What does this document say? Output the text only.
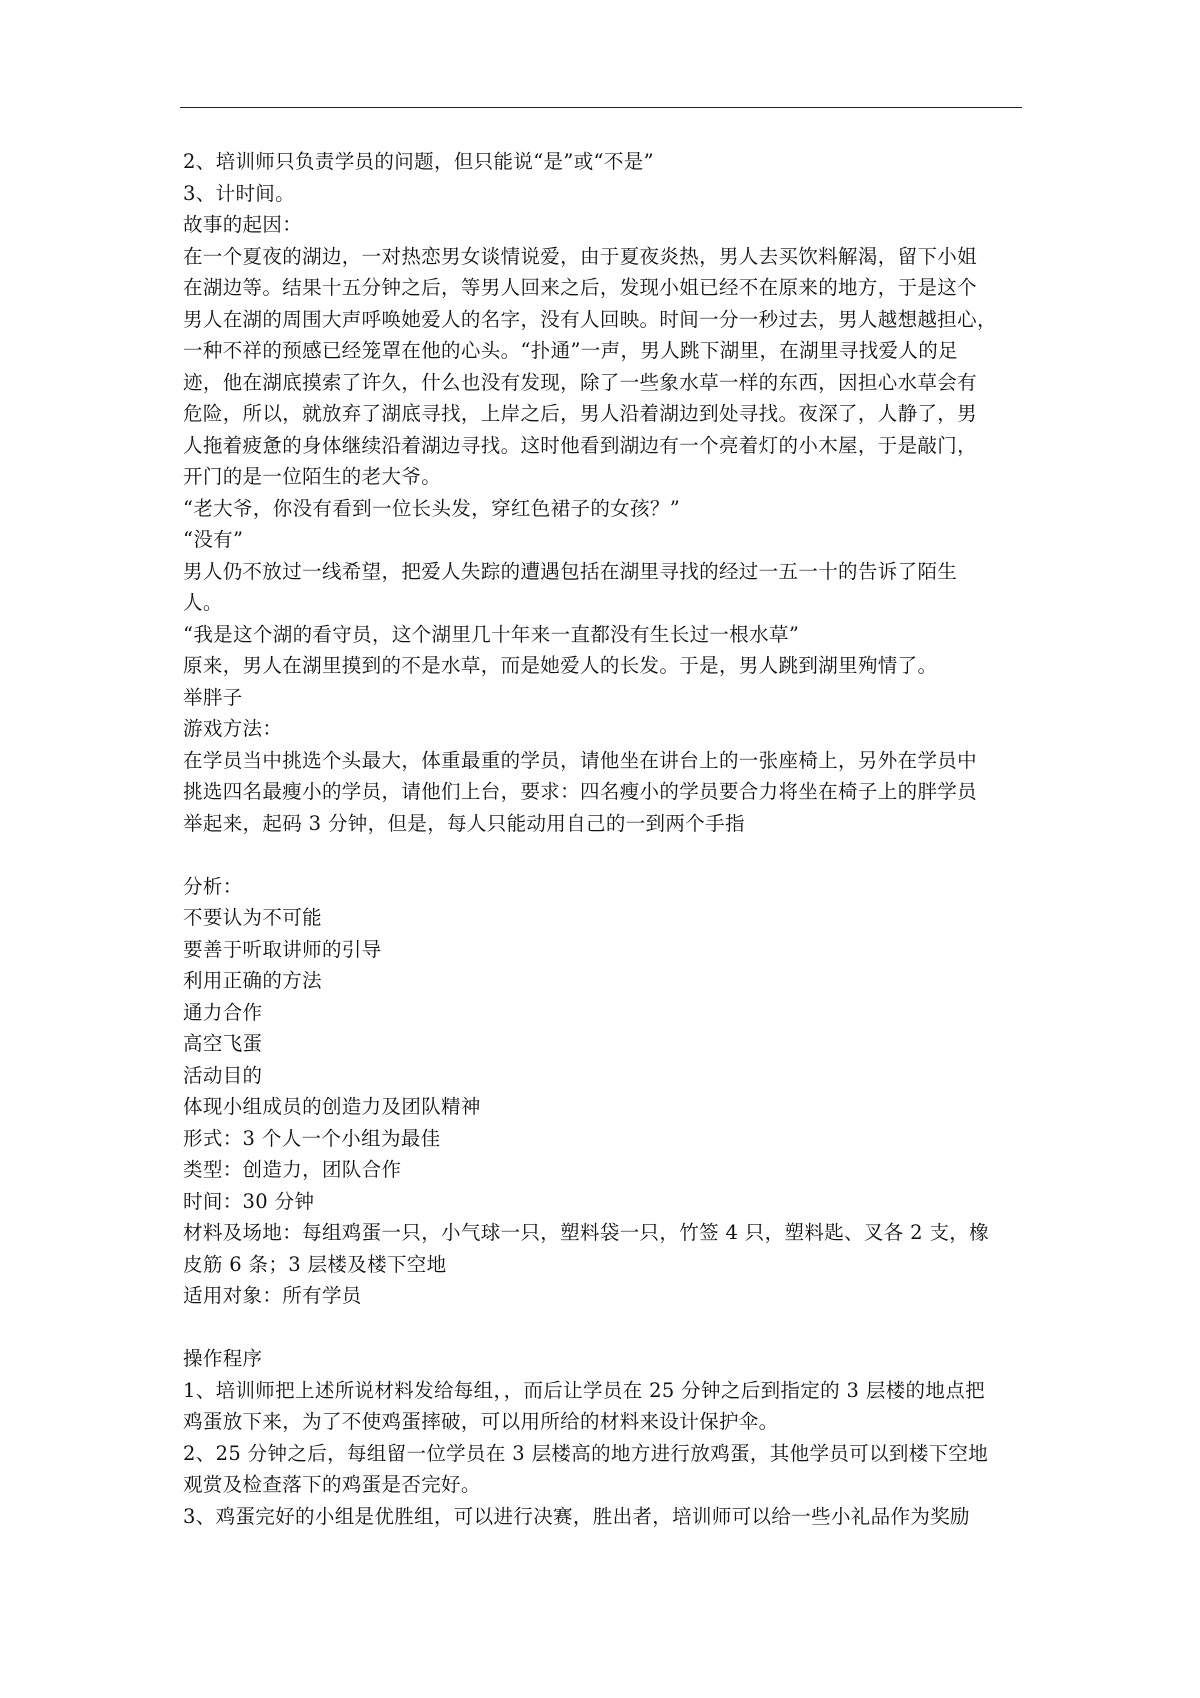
2、培训师只负责学员的问题，但只能说“是”或“不是”
3、计时间。
故事的起因：
在一个夏夜的湖边，一对热恋男女谈情说爱，由于夏夜炎热，男人去买饮料解渴，留下小姐
在湖边等。结果十五分钟之后，等男人回来之后，发现小姐已经不在原来的地方，于是这个
男人在湖的周围大声呼唤她爱人的名字，没有人回映。时间一分一秒过去，男人越想越担心，
一种不祥的预感已经笼罩在他的心头。“扑通”一声，男人跳下湖里，在湖里寻找爱人的足
迹，他在湖底摸索了许久，什么也没有发现，除了一些象水草一样的东西，因担心水草会有
危险，所以，就放弃了湖底寻找，上岸之后，男人沿着湖边到处寻找。夜深了，人静了，男
人拖着疲惫的身体继续沿着湖边寻找。这时他看到湖边有一个亮着灯的小木屋，于是敲门，
开门的是一位陌生的老大爷。
“老大爷，你没有看到一位长头发，穿红色裙子的女孩？”
“没有”
男人仍不放过一线希望，把爱人失踪的遭遇包括在湖里寻找的经过一五一十的告诉了陌生
人。
“我是这个湖的看守员，这个湖里几十年来一直都没有生长过一根水草”
原来，男人在湖里摸到的不是水草，而是她爱人的长发。于是，男人跳到湖里殉情了。
举胖子
游戏方法：
在学员当中挑选个头最大，体重最重的学员，请他坐在讲台上的一张座椅上，另外在学员中
挑选四名最瘦小的学员，请他们上台，要求：四名瘦小的学员要合力将坐在椅子上的胖学员
举起来，起码 3 分钟，但是，每人只能动用自己的一到两个手指
分析：
不要认为不可能
要善于听取讲师的引导
利用正确的方法
通力合作
高空飞蛋
活动目的
体现小组成员的创造力及团队精神
形式：3 个人一个小组为最佳
类型：创造力，团队合作
时间：30 分钟
材料及场地：每组鸡蛋一只，小气球一只，塑料袋一只，竹签 4 只，塑料匙、叉各 2 支，橡
皮筋 6 条；3 层楼及楼下空地
适用对象：所有学员
操作程序
1、培训师把上述所说材料发给每组，，而后让学员在 25 分钟之后到指定的 3 层楼的地点把
鸡蛋放下来，为了不使鸡蛋摔破，可以用所给的材料来设计保护伞。
2、25 分钟之后，每组留一位学员在 3 层楼高的地方进行放鸡蛋，其他学员可以到楼下空地
观赏及检查落下的鸡蛋是否完好。
3、鸡蛋完好的小组是优胜组，可以进行决赛，胜出者，培训师可以给一些小礼品作为奖励
